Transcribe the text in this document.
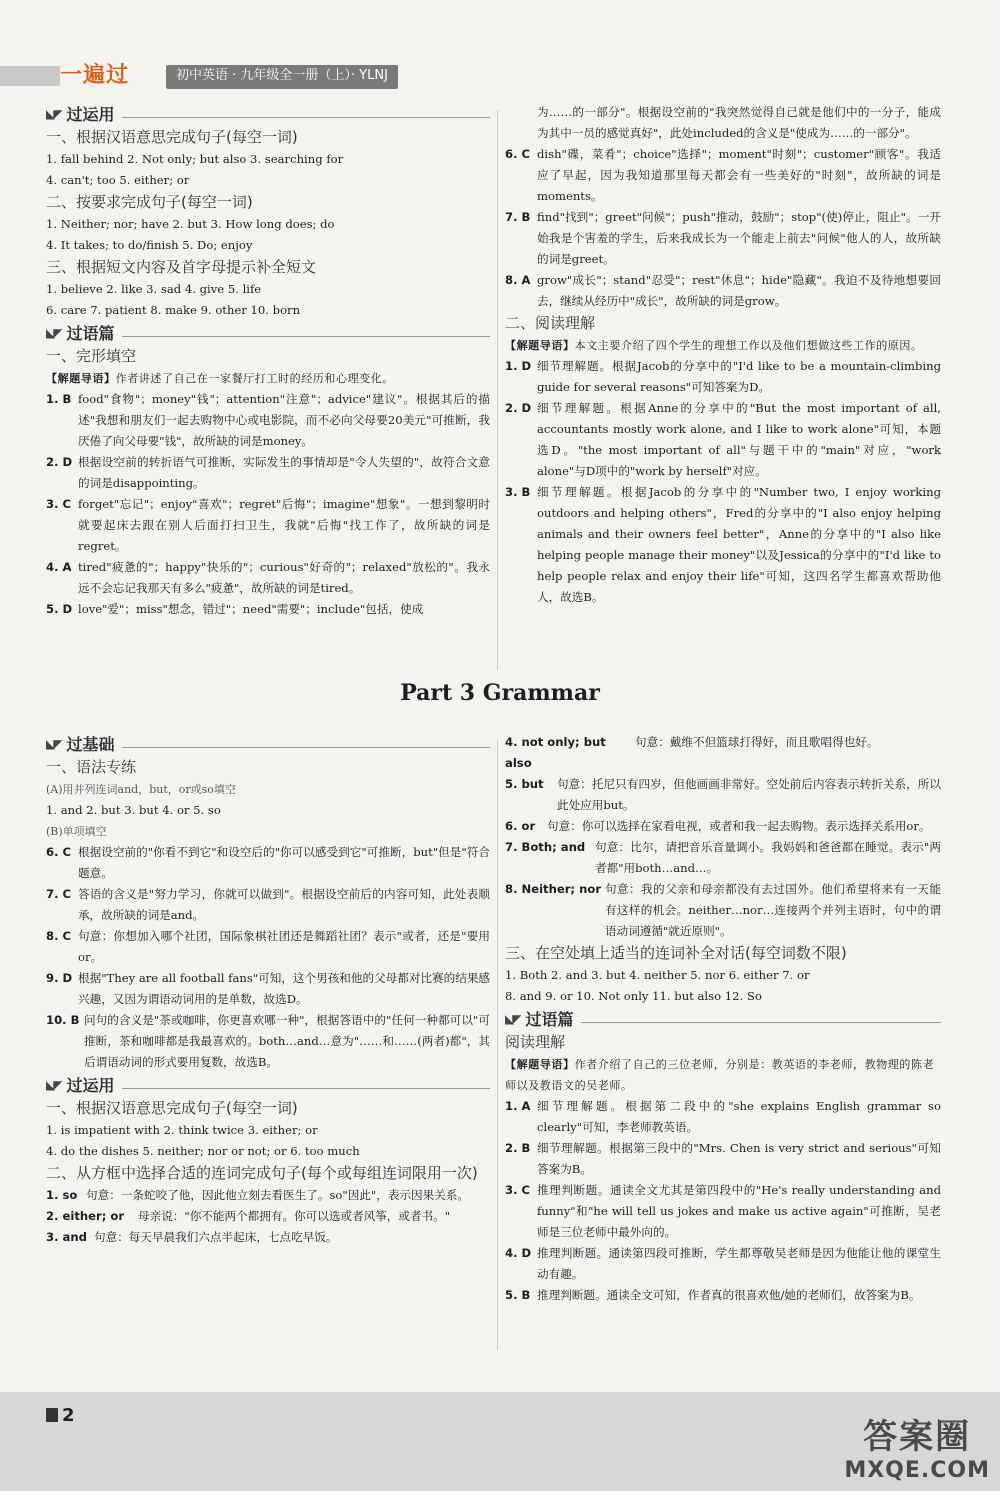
一遍过	初中英语 · 九年级全一册（上）· YLNJ
◣◤ 过运用
一、根据汉语意思完成句子(每空一词)
1. fall behind 2. Not only; but also 3. searching for
4. can't; too 5. either; or
二、按要求完成句子(每空一词)
1. Neither; nor; have 2. but 3. How long does; do
4. It takes; to do/finish 5. Do; enjoy
三、根据短文内容及首字母提示补全短文
1. believe 2. like 3. sad 4. give 5. life
6. care 7. patient 8. make 9. other 10. born
◣◤ 过语篇
一、完形填空
【解题导语】作者讲述了自己在一家餐厅打工时的经历和心理变化。
1. B food"食物"；money"钱"；attention"注意"；advice"建议"。根据其后的描述"我想和朋友们一起去购物中心或电影院，而不必向父母要20美元"可推断，我厌倦了向父母要"钱"，故所缺的词是money。
2. D 根据设空前的转折语气可推断，实际发生的事情却是"令人失望的"，故符合文意的词是disappointing。
3. C forget"忘记"；enjoy"喜欢"；regret"后悔"；imagine"想象"。一想到黎明时就要起床去跟在别人后面打扫卫生，我就"后悔"找工作了，故所缺的词是regret。
4. A tired"疲惫的"；happy"快乐的"；curious"好奇的"；relaxed"放松的"。我永远不会忘记我那天有多么"疲惫"，故所缺的词是tired。
5. D love"爱"；miss"想念，错过"；need"需要"；include"包括，使成
为……的一部分"。根据设空前的"我突然觉得自己就是他们中的一分子，能成为其中一员的感觉真好"，此处included的含义是"使成为……的一部分"。
6. C dish"碟，菜肴"；choice"选择"；moment"时刻"；customer"顾客"。我适应了早起，因为我知道那里每天都会有一些美好的"时刻"，故所缺的词是moments。
7. B find"找到"；greet"问候"；push"推动，鼓励"；stop"(使)停止，阻止"。一开始我是个害羞的学生，后来我成长为一个能走上前去"问候"他人的人，故所缺的词是greet。
8. A grow"成长"；stand"忍受"；rest"休息"；hide"隐藏"。我迫不及待地想要回去，继续从经历中"成长"，故所缺的词是grow。
二、阅读理解
【解题导语】本文主要介绍了四个学生的理想工作以及他们想做这些工作的原因。
1. D 细节理解题。根据Jacob的分享中的"I'd like to be a mountain-climbing guide for several reasons"可知答案为D。
2. D 细节理解题。根据Anne的分享中的"But the most important of all, accountants mostly work alone, and I like to work alone"可知，本题选D。"the most important of all"与题干中的"main"对应，"work alone"与D项中的"work by herself"对应。
3. B 细节理解题。根据Jacob的分享中的"Number two, I enjoy working outdoors and helping others"，Fred的分享中的"I also enjoy helping animals and their owners feel better"，Anne的分享中的"I also like helping people manage their money"以及Jessica的分享中的"I'd like to help people relax and enjoy their life"可知，这四名学生都喜欢帮助他人，故选B。
Part 3 Grammar
◣◤ 过基础
一、语法专练
(A)用并列连词and，but，or或so填空
1. and 2. but 3. but 4. or 5. so
(B)单项填空
6. C 根据设空前的"你看不到它"和设空后的"你可以感受到它"可推断，but"但是"符合题意。
7. C 答语的含义是"努力学习，你就可以做到"。根据设空前后的内容可知，此处表顺承，故所缺的词是and。
8. C 句意：你想加入哪个社团，国际象棋社团还是舞蹈社团？表示"或者，还是"要用or。
9. D 根据"They are all football fans"可知，这个男孩和他的父母都对比赛的结果感兴趣，又因为谓语动词用的是单数，故选D。
10. B 问句的含义是"茶或咖啡，你更喜欢哪一种"，根据答语中的"任何一种都可以"可推断，茶和咖啡都是我最喜欢的。both…and…意为"……和……(两者)都"，其后谓语动词的形式要用复数，故选B。
◣◤ 过运用
一、根据汉语意思完成句子(每空一词)
1. is impatient with 2. think twice 3. either; or
4. do the dishes 5. neither; nor or not; or 6. too much
二、从方框中选择合适的连词完成句子(每个或每组连词限用一次)
1. so 句意：一条蛇咬了他，因此他立刻去看医生了。so"因此"，表示因果关系。
2. either; or	母亲说："你不能两个都拥有。你可以选或者风筝，或者书。"
3. and 句意：每天早晨我们六点半起床，七点吃早饭。
4. not only; but also
句意：戴维不但篮球打得好，而且歌唱得也好。
5. but	句意：托尼只有四岁，但他画画非常好。空处前后内容表示转折关系，所以此处应用but。
6. or	句意：你可以选择在家看电视，或者和我一起去购物。表示选择关系用or。
7. Both; and 句意：比尔，请把音乐音量调小。我妈妈和爸爸都在睡觉。表示"两者都"用both…and…。
8. Neither; nor 句意：我的父亲和母亲都没有去过国外。他们希望将来有一天能有这样的机会。neither…nor…连接两个并列主语时，句中的谓语动词遵循"就近原则"。
三、在空处填上适当的连词补全对话(每空词数不限)
1. Both 2. and 3. but 4. neither 5. nor 6. either 7. or
8. and 9. or 10. Not only 11. but also 12. So
◣◤ 过语篇
阅读理解
【解题导语】作者介绍了自己的三位老师，分别是：教英语的李老师，教物理的陈老师以及教语文的吴老师。
1. A 细节理解题。根据第二段中的"she explains English grammar so clearly"可知，李老师教英语。
2. B 细节理解题。根据第三段中的"Mrs. Chen is very strict and serious"可知答案为B。
3. C 推理判断题。通读全文尤其是第四段中的"He's really understanding and funny"和"he will tell us jokes and make us active again"可推断，吴老师是三位老师中最外向的。
4. D 推理判断题。通读第四段可推断，学生都尊敬吴老师是因为他能让他的课堂生动有趣。
5. B 推理判断题。通读全文可知，作者真的很喜欢他/她的老师们，故答案为B。
2
答案圈
MXQE.COM
